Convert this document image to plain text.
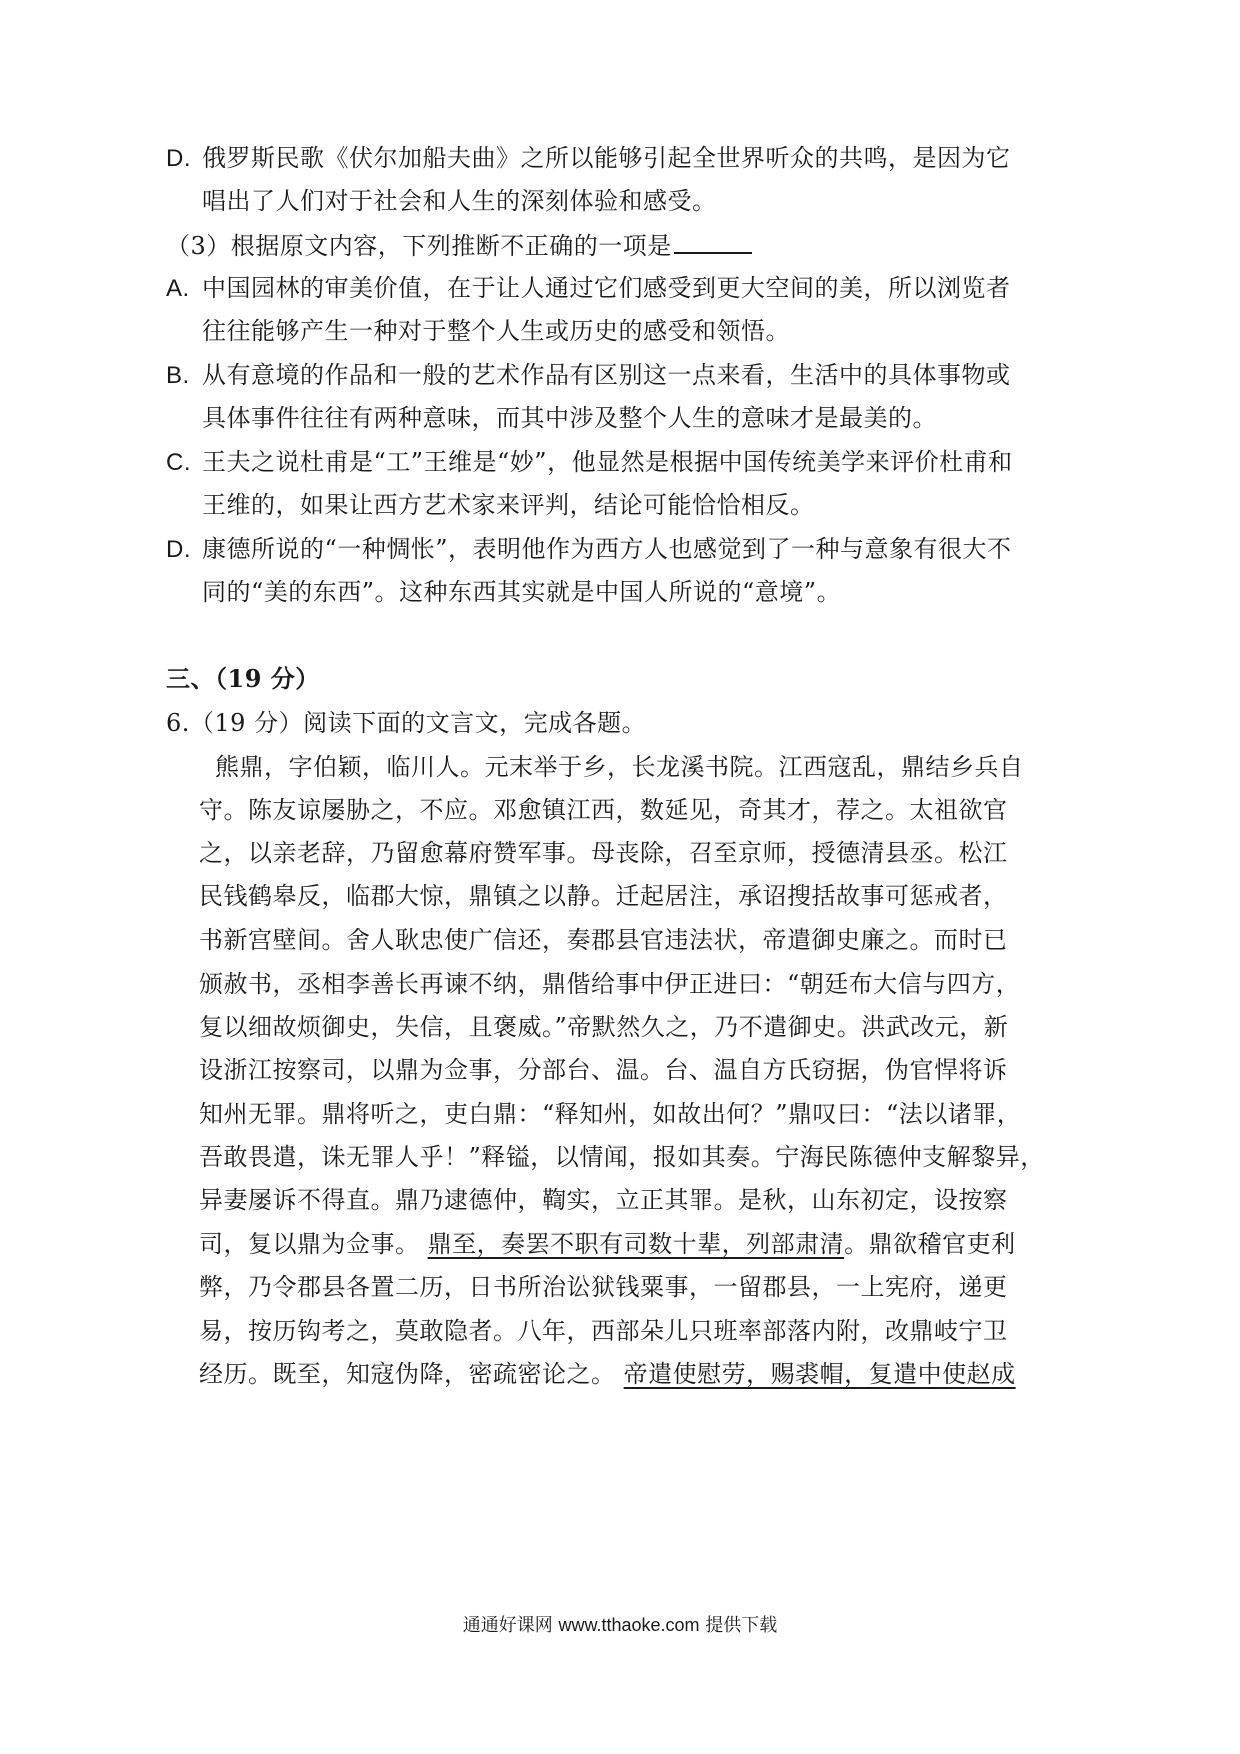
D. 俄罗斯民歌《伏尔加船夫曲》之所以能够引起全世界听众的共鸣，是因为它
唱出了人们对于社会和人生的深刻体验和感受。
（3）根据原文内容，下列推断不正确的一项是
A. 中国园林的审美价值，在于让人通过它们感受到更大空间的美，所以浏览者
往往能够产生一种对于整个人生或历史的感受和领悟。
B. 从有意境的作品和一般的艺术作品有区别这一点来看，生活中的具体事物或
具体事件往往有两种意味，而其中涉及整个人生的意味才是最美的。
C. 王夫之说杜甫是“工”王维是“妙”，他显然是根据中国传统美学来评价杜甫和
王维的，如果让西方艺术家来评判，结论可能恰恰相反。
D. 康德所说的“一种惆怅”，表明他作为西方人也感觉到了一种与意象有很大不
同的“美的东西”。这种东西其实就是中国人所说的“意境”。
三、（19 分）
6.（19 分）阅读下面的文言文，完成各题。
熊鼎，字伯颖，临川人。元末举于乡，长龙溪书院。江西寇乱，鼎结乡兵自
守。陈友谅屡胁之，不应。邓愈镇江西，数延见，奇其才，荐之。太祖欲官
之，以亲老辞，乃留愈幕府赞军事。母丧除，召至京师，授德清县丞。松江
民钱鹤皋反，临郡大惊，鼎镇之以静。迁起居注，承诏搜括故事可惩戒者，
书新宫壁间。舍人耿忠使广信还，奏郡县官违法状，帝遣御史廉之。而时已
颁赦书，丞相李善长再谏不纳，鼎偕给事中伊正进曰：“朝廷布大信与四方，
复以细故烦御史，失信，且褒威。”帝默然久之，乃不遣御史。洪武改元，新
设浙江按察司，以鼎为佥事，分部台、温。台、温自方氏窃据，伪官悍将诉
知州无罪。鼎将听之，吏白鼎：“释知州，如故出何？”鼎叹曰：“法以诸罪，
吾敢畏遣，诛无罪人乎！”释镒，以情闻，报如其奏。宁海民陈德仲支解黎异，
异妻屡诉不得直。鼎乃逮德仲，鞫实，立正其罪。是秋，山东初定，设按察
司，复以鼎为佥事。 鼎至，奏罢不职有司数十辈，列部肃清。鼎欲稽官吏利
弊，乃令郡县各置二历，日书所治讼狱钱粟事，一留郡县，一上宪府，递更
易，按历钩考之，莫敢隐者。八年，西部朵儿只班率部落内附，改鼎岐宁卫
经历。既至，知寇伪降，密疏密论之。 帝遣使慰劳，赐裘帽，复遣中使赵成
通通好课网 www.tthaoke.com 提供下载
